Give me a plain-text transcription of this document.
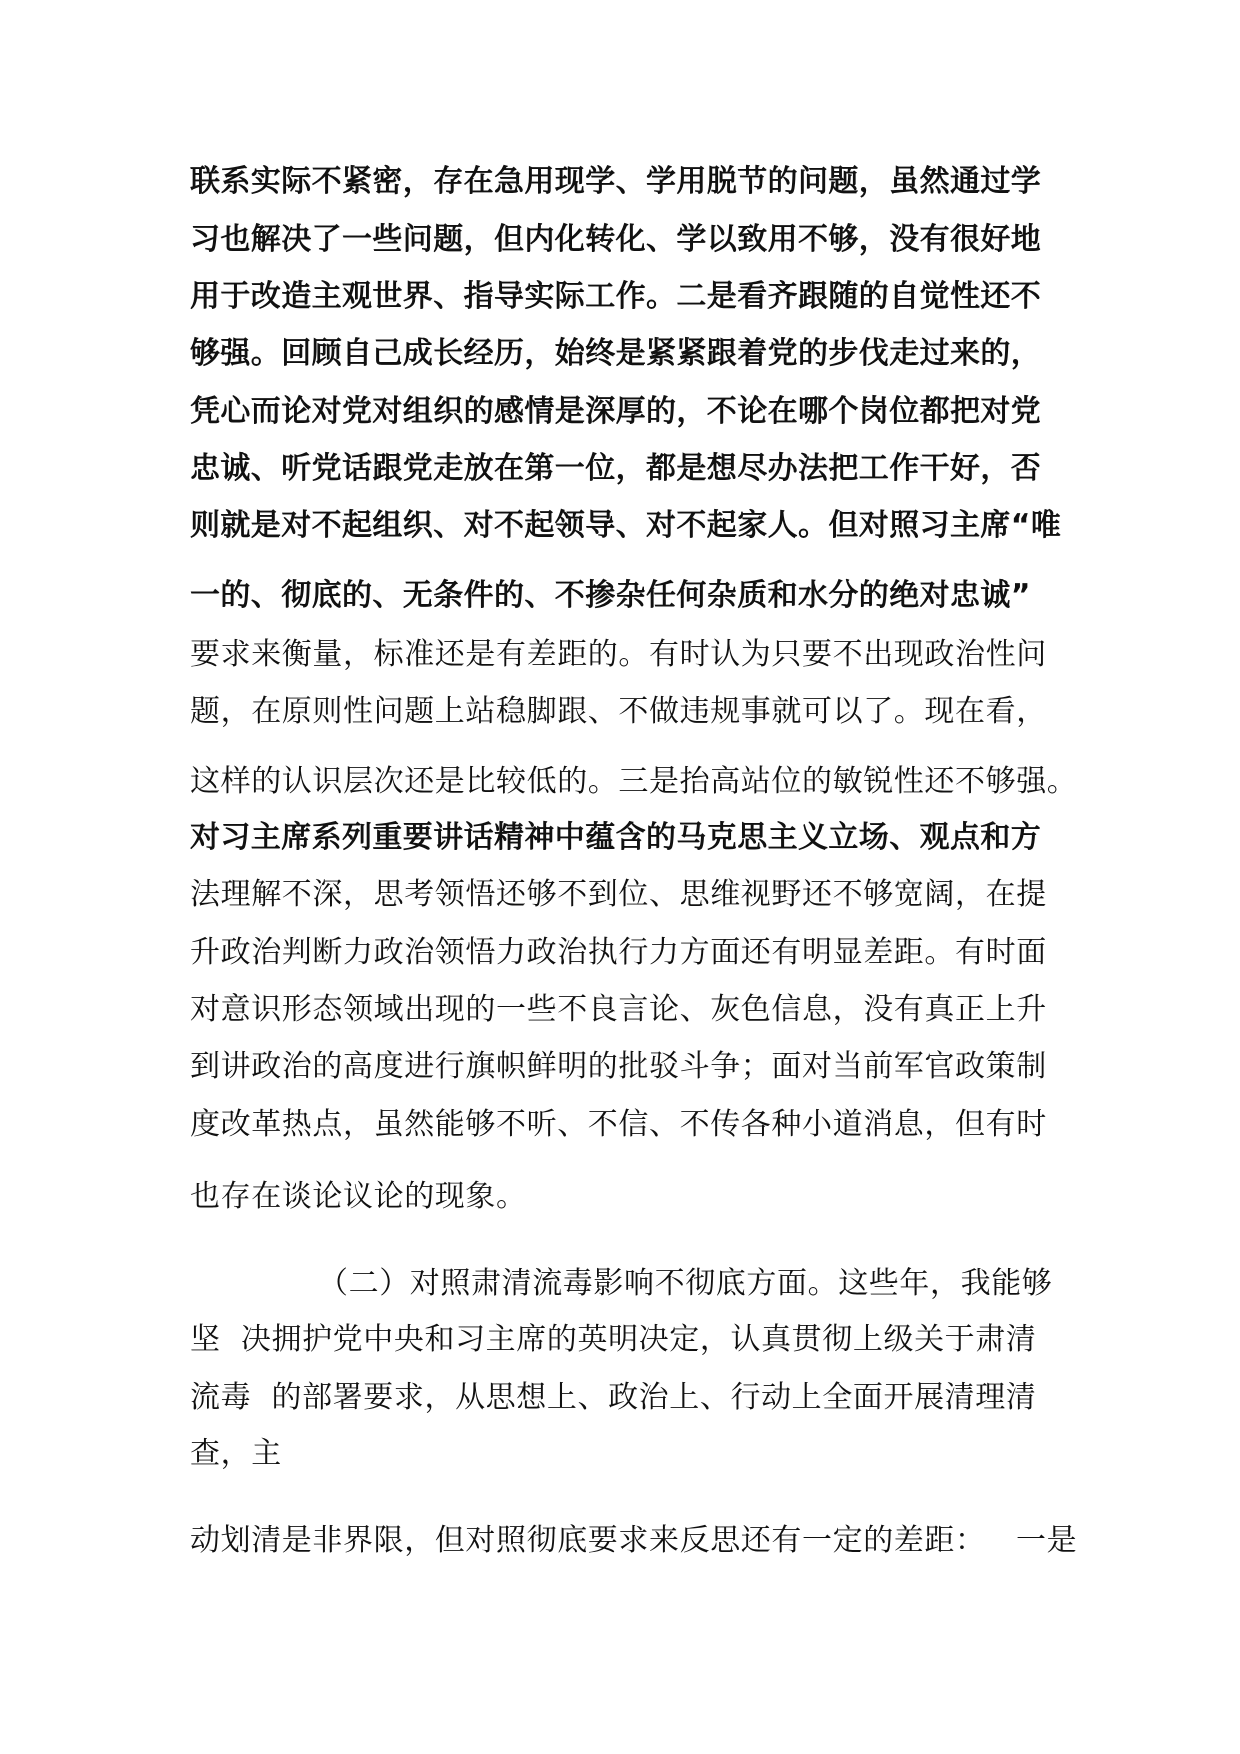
联系实际不紧密，存在急用现学、学用脱节的问题，虽然通过学
习也解决了一些问题，但内化转化、学以致用不够，没有很好地
用于改造主观世界、指导实际工作。二是看齐跟随的自觉性还不
够强。回顾自己成长经历，始终是紧紧跟着党的步伐走过来的，
凭心而论对党对组织的感情是深厚的，不论在哪个岗位都把对党
忠诚、听党话跟党走放在第一位，都是想尽办法把工作干好，否
则就是对不起组织、对不起领导、对不起家人。但对照习主席“唯
一的、彻底的、无条件的、不掺杂任何杂质和水分的绝对忠诚”
要求来衡量，标准还是有差距的。有时认为只要不出现政治性问
题，在原则性问题上站稳脚跟、不做违规事就可以了。现在看，
这样的认识层次还是比较低的。三是抬高站位的敏锐性还不够强。
对习主席系列重要讲话精神中蕴含的马克思主义立场、观点和方
法理解不深，思考领悟还够不到位、思维视野还不够宽阔，在提
升政治判断力政治领悟力政治执行力方面还有明显差距。有时面
对意识形态领域出现的一些不良言论、灰色信息，没有真正上升
到讲政治的高度进行旗帜鲜明的批驳斗争；面对当前军官政策制
度改革热点，虽然能够不听、不信、不传各种小道消息，但有时
也存在谈论议论的现象。
（二）对照肃清流毒影响不彻底方面。这些年，我能够
坚  决拥护党中央和习主席的英明决定，认真贯彻上级关于肃清
流毒  的部署要求，从思想上、政治上、行动上全面开展清理清
查，主
动划清是非界限，但对照彻底要求来反思还有一定的差距：   一是
